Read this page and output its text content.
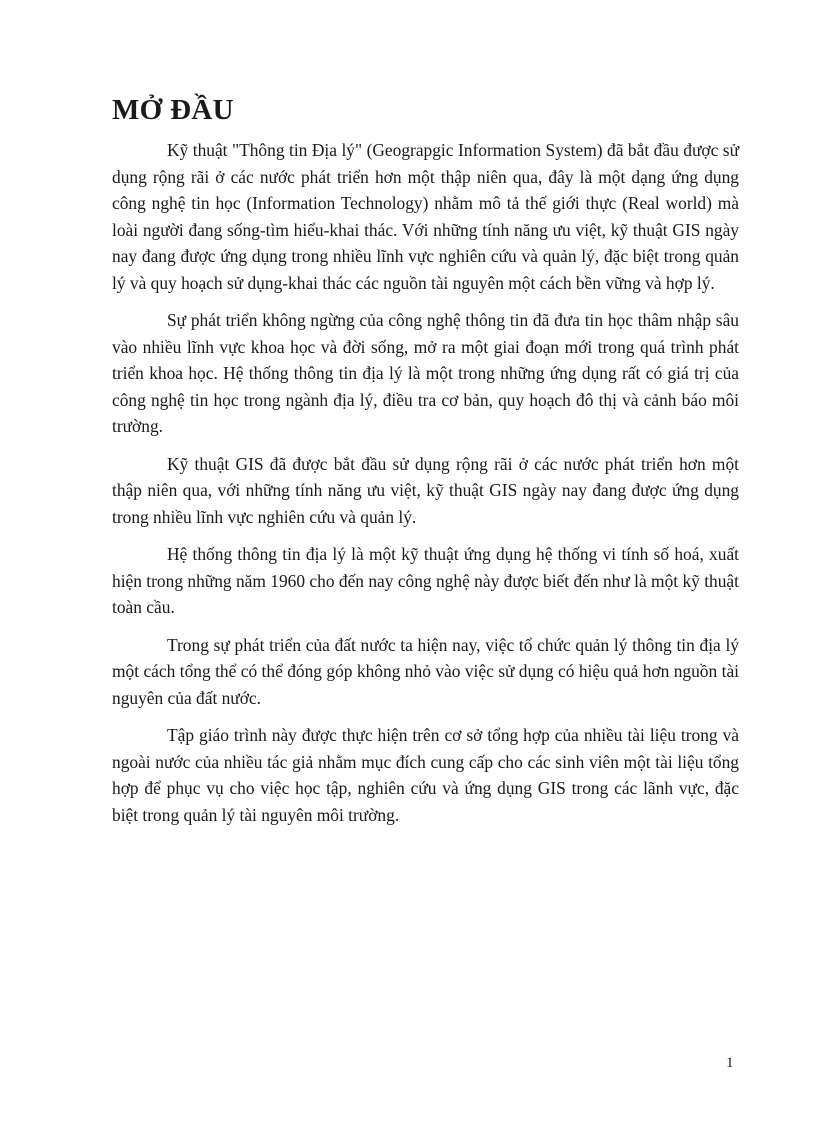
MỞ ĐẦU

Kỹ thuật "Thông tin Địa lý" (Geograpgic Information System) đã bắt đầu được sử dụng rộng rãi ở các nước phát triển hơn một thập niên qua, đây là một dạng ứng dụng công nghệ tin học (Information Technology) nhằm mô tả thế giới thực (Real world) mà loài người đang sống-tìm hiểu-khai thác. Với những tính năng ưu việt, kỹ thuật GIS ngày nay đang được ứng dụng trong nhiều lĩnh vực nghiên cứu và quản lý, đặc biệt trong quản lý và quy hoạch sử dụng-khai thác các nguồn tài nguyên một cách bền vững và hợp lý.

Sự phát triển không ngừng của công nghệ thông tin đã đưa tin học thâm nhập sâu vào nhiều lĩnh vực khoa học và đời sống, mở ra một giai đoạn mới trong quá trình phát triển khoa học. Hệ thống thông tin địa lý là một trong những ứng dụng rất có giá trị của công nghệ tin học trong ngành địa lý, điều tra cơ bản, quy hoạch đô thị và cảnh báo môi trường.

Kỹ thuật GIS đã được bắt đầu sử dụng rộng rãi ở các nước phát triển hơn một thập niên qua, với những tính năng ưu việt, kỹ thuật GIS ngày nay đang được ứng dụng trong nhiều lĩnh vực nghiên cứu và quản lý.

Hệ thống thông tin địa lý là một kỹ thuật ứng dụng hệ thống vi tính số hoá, xuất hiện trong những năm 1960 cho đến nay công nghệ này được biết đến như là một kỹ thuật toàn cầu.

Trong sự phát triển của đất nước ta hiện nay, việc tổ chức quản lý thông tin địa lý một cách tổng thể có thể đóng góp không nhỏ vào việc sử dụng có hiệu quả hơn nguồn tài nguyên của đất nước.

Tập giáo trình này được thực hiện trên cơ sở tổng hợp của nhiều tài liệu trong và ngoài nước của nhiều tác giả nhằm mục đích cung cấp cho các sinh viên một tài liệu tổng hợp để phục vụ cho việc học tập, nghiên cứu và ứng dụng GIS trong các lãnh vực, đặc biệt trong quản lý tài nguyên môi trường.

1
